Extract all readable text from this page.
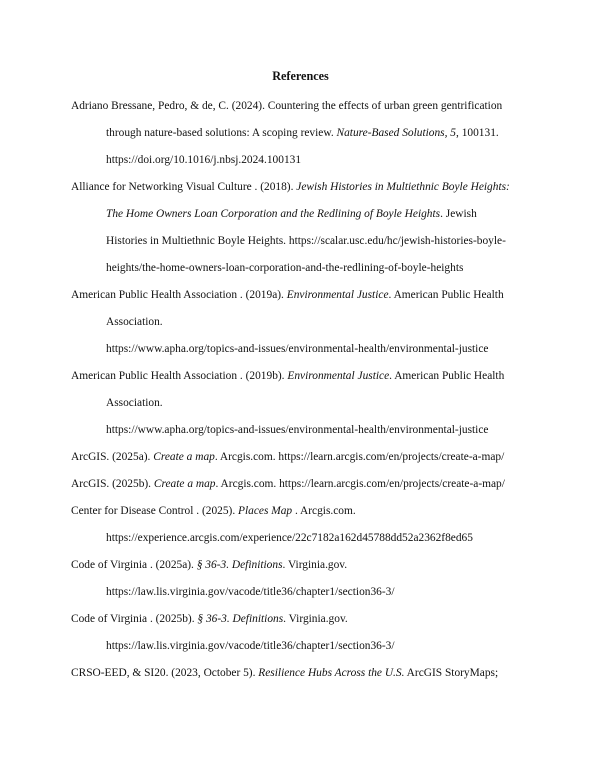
References
Adriano Bressane, Pedro, & de, C. (2024). Countering the effects of urban green gentrification
through nature-based solutions: A scoping review. Nature-Based Solutions, 5, 100131.
https://doi.org/10.1016/j.nbsj.2024.100131
Alliance for Networking Visual Culture . (2018). Jewish Histories in Multiethnic Boyle Heights:
The Home Owners Loan Corporation and the Redlining of Boyle Heights. Jewish
Histories in Multiethnic Boyle Heights. https://scalar.usc.edu/hc/jewish-histories-boyle-
heights/the-home-owners-loan-corporation-and-the-redlining-of-boyle-heights
American Public Health Association . (2019a). Environmental Justice. American Public Health
Association.
https://www.apha.org/topics-and-issues/environmental-health/environmental-justice
American Public Health Association . (2019b). Environmental Justice. American Public Health
Association.
https://www.apha.org/topics-and-issues/environmental-health/environmental-justice
ArcGIS. (2025a). Create a map. Arcgis.com. https://learn.arcgis.com/en/projects/create-a-map/
ArcGIS. (2025b). Create a map. Arcgis.com. https://learn.arcgis.com/en/projects/create-a-map/
Center for Disease Control . (2025). Places Map . Arcgis.com.
https://experience.arcgis.com/experience/22c7182a162d45788dd52a2362f8ed65
Code of Virginia . (2025a). § 36-3. Definitions. Virginia.gov.
https://law.lis.virginia.gov/vacode/title36/chapter1/section36-3/
Code of Virginia . (2025b). § 36-3. Definitions. Virginia.gov.
https://law.lis.virginia.gov/vacode/title36/chapter1/section36-3/
CRSO-EED, & SI20. (2023, October 5). Resilience Hubs Across the U.S. ArcGIS StoryMaps;
